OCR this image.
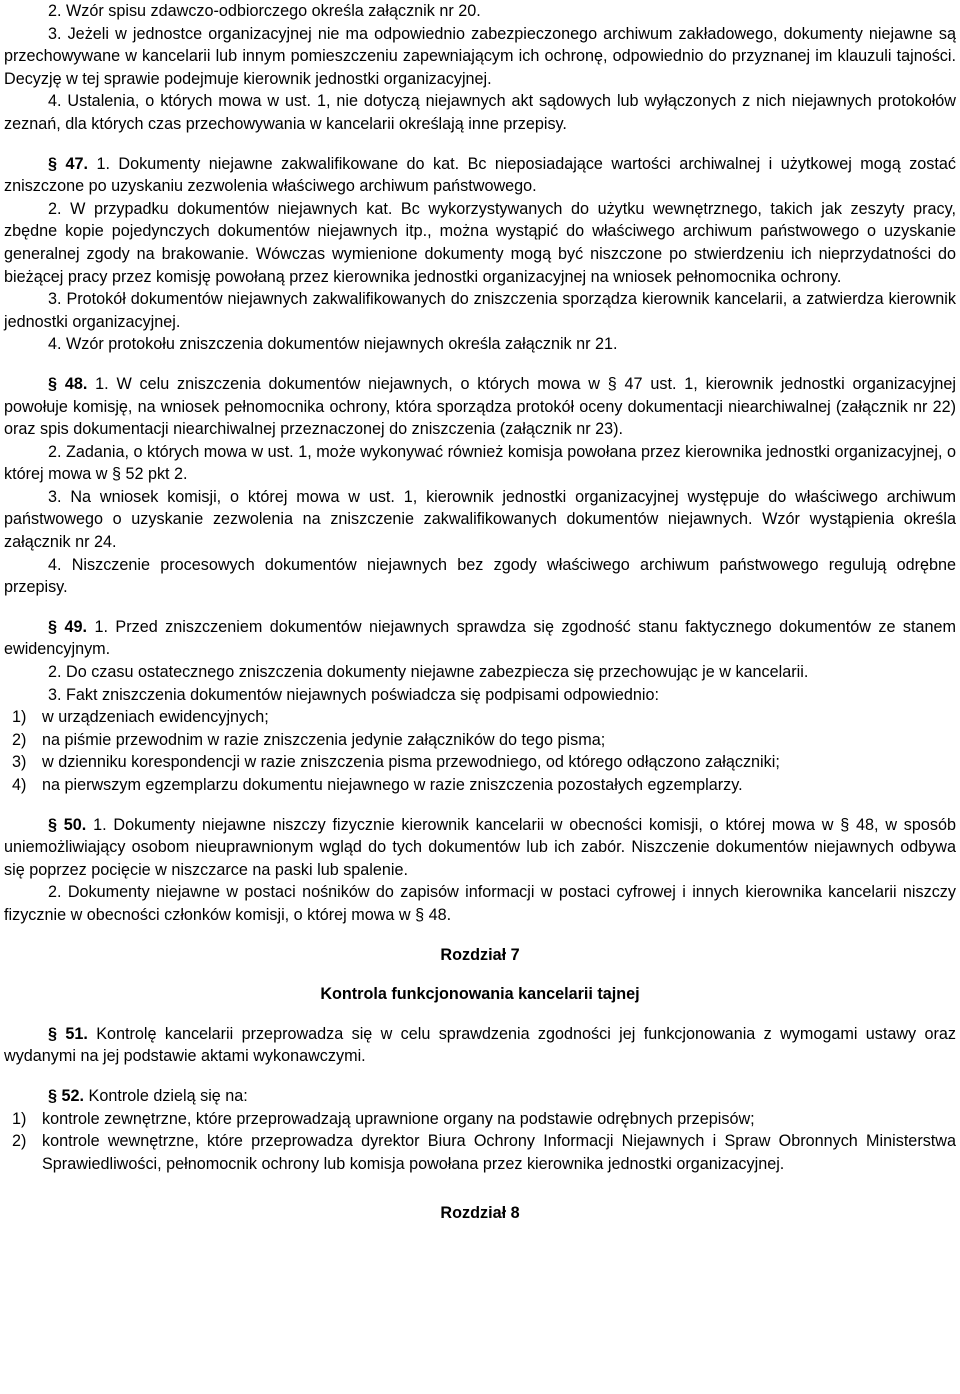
2. Wzór spisu zdawczo-odbiorczego określa załącznik nr 20.

3. Jeżeli w jednostce organizacyjnej nie ma odpowiednio zabezpieczonego archiwum zakładowego, dokumenty niejawne są przechowywane w kancelarii lub innym pomieszczeniu zapewniającym ich ochronę, odpowiednio do przyznanej im klauzuli tajności. Decyzję w tej sprawie podejmuje kierownik jednostki organizacyjnej.

4. Ustalenia, o których mowa w ust. 1, nie dotyczą niejawnych akt sądowych lub wyłączonych z nich niejawnych protokołów zeznań, dla których czas przechowywania w kancelarii określają inne przepisy.

§ 47. 1. Dokumenty niejawne zakwalifikowane do kat. Bc nieposiadające wartości archiwalnej i użytkowej mogą zostać zniszczone po uzyskaniu zezwolenia właściwego archiwum państwowego.

2. W przypadku dokumentów niejawnych kat. Bc wykorzystywanych do użytku wewnętrznego, takich jak zeszyty pracy, zbędne kopie pojedynczych dokumentów niejawnych itp., można wystąpić do właściwego archiwum państwowego o uzyskanie generalnej zgody na brakowanie. Wówczas wymienione dokumenty mogą być niszczone po stwierdzeniu ich nieprzydatności do bieżącej pracy przez komisję powołaną przez kierownika jednostki organizacyjnej na wniosek pełnomocnika ochrony.

3. Protokół dokumentów niejawnych zakwalifikowanych do zniszczenia sporządza kierownik kancelarii, a zatwierdza kierownik jednostki organizacyjnej.

4. Wzór protokołu zniszczenia dokumentów niejawnych określa załącznik nr 21.

§ 48. 1. W celu zniszczenia dokumentów niejawnych, o których mowa w § 47 ust. 1, kierownik jednostki organizacyjnej powołuje komisję, na wniosek pełnomocnika ochrony, która sporządza protokół oceny dokumentacji niearchiwalnej (załącznik nr 22) oraz spis dokumentacji niearchiwalnej przeznaczonej do zniszczenia (załącznik nr 23).

2. Zadania, o których mowa w ust. 1, może wykonywać również komisja powołana przez kierownika jednostki organizacyjnej, o której mowa w § 52 pkt 2.

3. Na wniosek komisji, o której mowa w ust. 1, kierownik jednostki organizacyjnej występuje do właściwego archiwum państwowego o uzyskanie zezwolenia na zniszczenie zakwalifikowanych dokumentów niejawnych. Wzór wystąpienia określa załącznik nr 24.

4. Niszczenie procesowych dokumentów niejawnych bez zgody właściwego archiwum państwowego regulują odrębne przepisy.

§ 49. 1. Przed zniszczeniem dokumentów niejawnych sprawdza się zgodność stanu faktycznego dokumentów ze stanem ewidencyjnym.

2. Do czasu ostatecznego zniszczenia dokumenty niejawne zabezpiecza się przechowując je w kancelarii.

3. Fakt zniszczenia dokumentów niejawnych poświadcza się podpisami odpowiednio:

1) w urządzeniach ewidencyjnych;
2) na piśmie przewodnim w razie zniszczenia jedynie załączników do tego pisma;
3) w dzienniku korespondencji w razie zniszczenia pisma przewodniego, od którego odłączono załączniki;
4) na pierwszym egzemplarzu dokumentu niejawnego w razie zniszczenia pozostałych egzemplarzy.

§ 50. 1. Dokumenty niejawne niszczy fizycznie kierownik kancelarii w obecności komisji, o której mowa w § 48, w sposób uniemożliwiający osobom nieuprawnionym wgląd do tych dokumentów lub ich zabór. Niszczenie dokumentów niejawnych odbywa się poprzez pocięcie w niszczarce na paski lub spalenie.

2. Dokumenty niejawne w postaci nośników do zapisów informacji w postaci cyfrowej i innych kierownika kancelarii niszczy fizycznie w obecności członków komisji, o której mowa w § 48.

Rozdział 7

Kontrola funkcjonowania kancelarii tajnej

§ 51. Kontrolę kancelarii przeprowadza się w celu sprawdzenia zgodności jej funkcjonowania z wymogami ustawy oraz wydanymi na jej podstawie aktami wykonawczymi.

§ 52. Kontrole dzielą się na:

1) kontrole zewnętrzne, które przeprowadzają uprawnione organy na podstawie odrębnych przepisów;
2) kontrole wewnętrzne, które przeprowadza dyrektor Biura Ochrony Informacji Niejawnych i Spraw Obronnych Ministerstwa Sprawiedliwości, pełnomocnik ochrony lub komisja powołana przez kierownika jednostki organizacyjnej.

Rozdział 8
